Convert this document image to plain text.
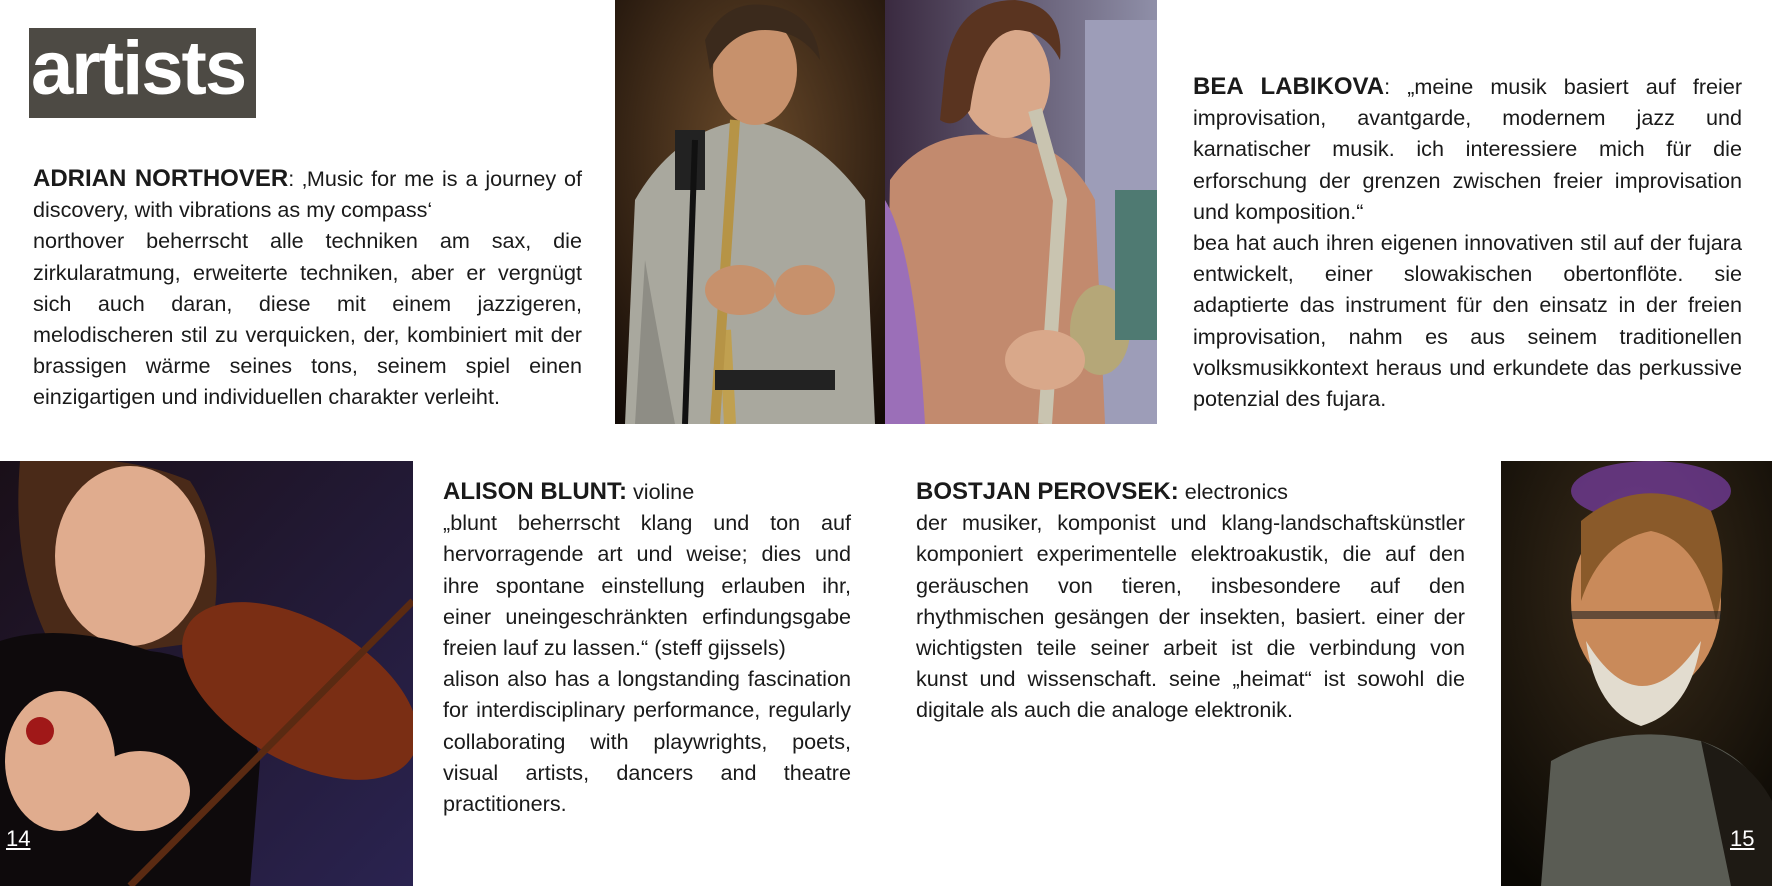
artists

ADRIAN NORTHOVER: ‚Music for me is a journey of discovery, with vibrations as my compass‘

northover beherrscht alle techniken am sax, die zirkularatmung, erweiterte techniken, aber er vergnügt sich auch daran, diese mit einem jazzigeren, melodischeren stil zu verquicken, der, kombiniert mit der brassigen wärme seines tons, seinem spiel einen einzigartigen und individuellen charakter verleiht.

BEA LABIKOVA: „meine musik basiert auf freier improvisation, avantgarde, modernem jazz und karnatischer musik. ich interessiere mich für die erforschung der grenzen zwischen freier improvisation und komposition.“

bea hat auch ihren eigenen innovativen stil auf der fujara entwickelt, einer slowakischen obertonflöte. sie adaptierte das instrument für den einsatz in der freien improvisation, nahm es aus seinem traditionellen volksmusikkontext heraus und erkundete das perkussive potenzial des fujara.

14

ALISON BLUNT: violine

„blunt beherrscht klang und ton auf hervorragende art und weise; dies und ihre spontane einstellung erlauben ihr, einer uneingeschränkten erfindungsgabe freien lauf zu lassen.“ (steff gijssels)

alison also has a longstanding fascination for interdisciplinary performance, regularly collaborating with playwrights, poets, visual artists, dancers and theatre practitioners.

BOSTJAN PEROVSEK: electronics

der musiker, komponist und klang-landschaftskünstler komponiert experimentelle elektroakustik, die auf den geräuschen von tieren, insbesondere auf den rhythmischen gesängen der insekten, basiert. einer der wichtigsten teile seiner arbeit ist die verbindung von kunst und wissenschaft. seine „heimat“ ist sowohl die digitale als auch die analoge elektronik.

15
